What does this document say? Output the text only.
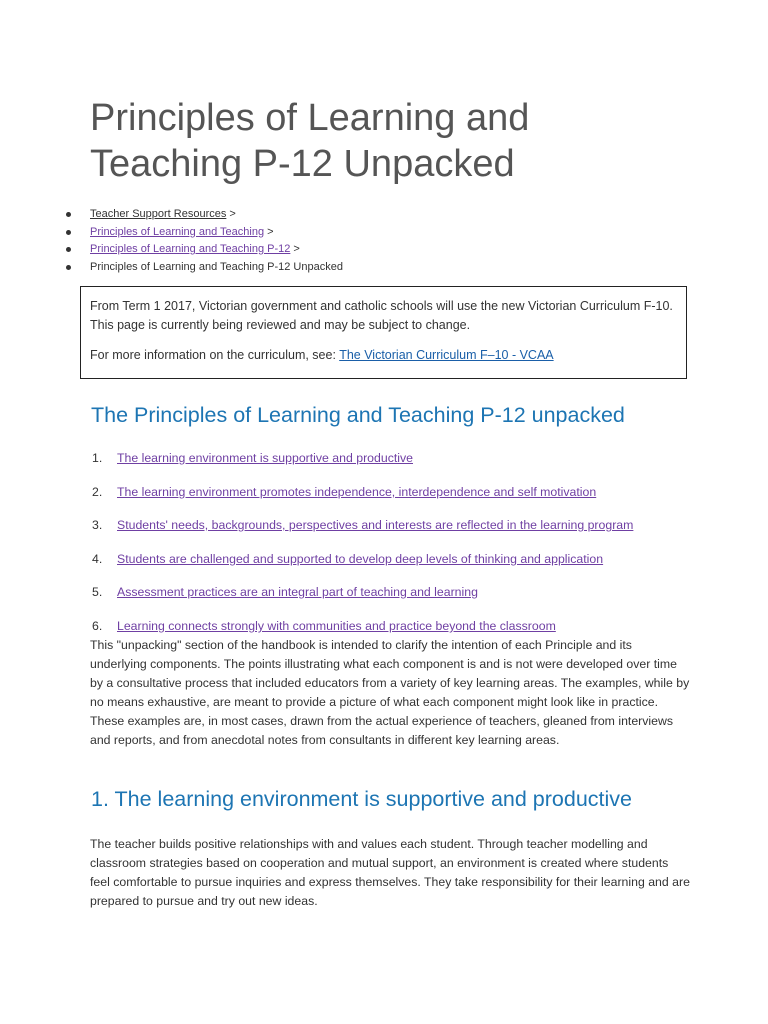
Principles of Learning and Teaching P-12 Unpacked
Teacher Support Resources >
Principles of Learning and Teaching >
Principles of Learning and Teaching P-12 >
Principles of Learning and Teaching P-12 Unpacked

From Term 1 2017, Victorian government and catholic schools will use the new Victorian Curriculum F-10. This page is currently being reviewed and may be subject to change.

For more information on the curriculum, see: The Victorian Curriculum F–10 - VCAA

The Principles of Learning and Teaching P-12 unpacked
1. The learning environment is supportive and productive
2. The learning environment promotes independence, interdependence and self motivation
3. Students' needs, backgrounds, perspectives and interests are reflected in the learning program
4. Students are challenged and supported to develop deep levels of thinking and application
5. Assessment practices are an integral part of teaching and learning
6. Learning connects strongly with communities and practice beyond the classroom

This "unpacking" section of the handbook is intended to clarify the intention of each Principle and its underlying components. The points illustrating what each component is and is not were developed over time by a consultative process that included educators from a variety of key learning areas. The examples, while by no means exhaustive, are meant to provide a picture of what each component might look like in practice. These examples are, in most cases, drawn from the actual experience of teachers, gleaned from interviews and reports, and from anecdotal notes from consultants in different key learning areas.

1. The learning environment is supportive and productive

The teacher builds positive relationships with and values each student. Through teacher modelling and classroom strategies based on cooperation and mutual support, an environment is created where students feel comfortable to pursue inquiries and express themselves. They take responsibility for their learning and are prepared to pursue and try out new ideas.
